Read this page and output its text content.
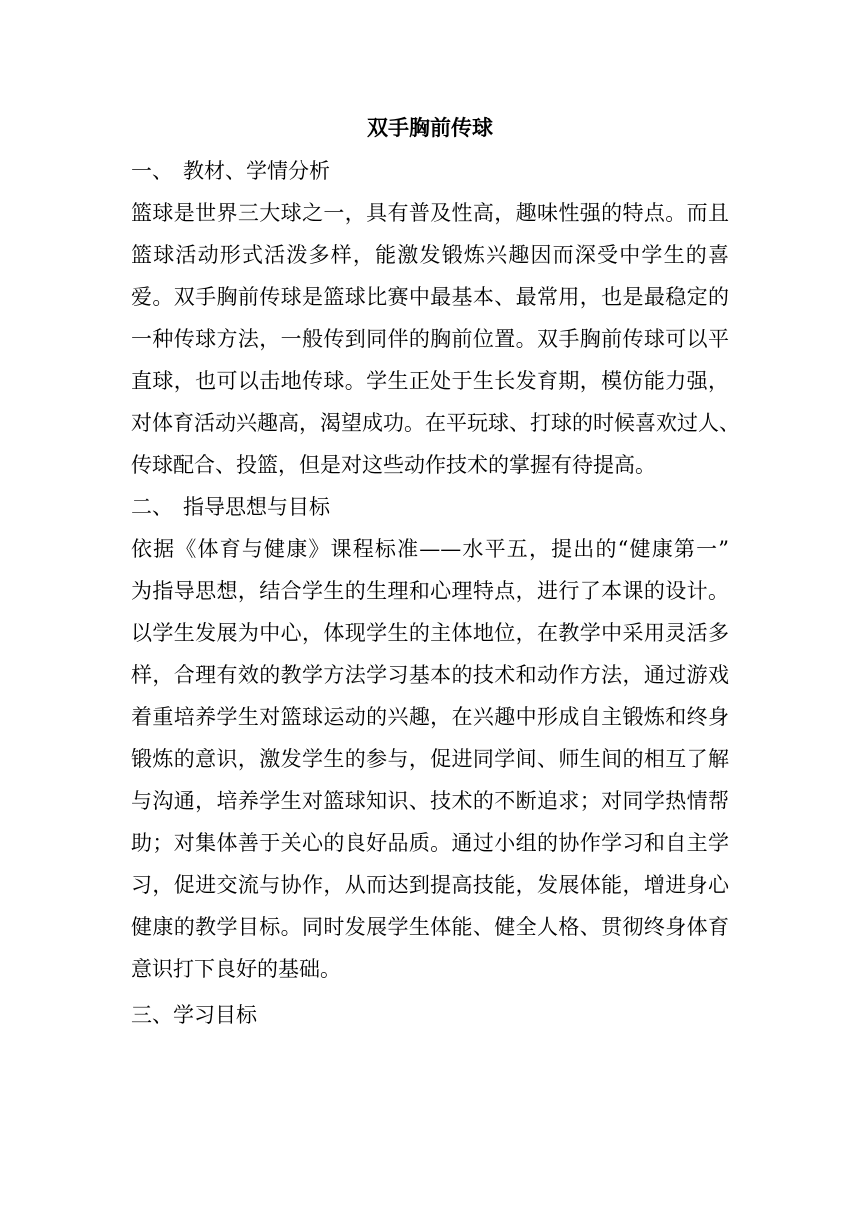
双手胸前传球
一、 教材、学情分析
篮球是世界三大球之一，具有普及性高，趣味性强的特点。而且
篮球活动形式活泼多样，能激发锻炼兴趣因而深受中学生的喜
爱。双手胸前传球是篮球比赛中最基本、最常用，也是最稳定的
一种传球方法，一般传到同伴的胸前位置。双手胸前传球可以平
直球，也可以击地传球。学生正处于生长发育期，模仿能力强，
对体育活动兴趣高，渴望成功。在平玩球、打球的时候喜欢过人、
传球配合、投篮，但是对这些动作技术的掌握有待提高。
二、 指导思想与目标
依据《体育与健康》课程标准——水平五，提出的“健康第一”
为指导思想，结合学生的生理和心理特点，进行了本课的设计。
以学生发展为中心，体现学生的主体地位，在教学中采用灵活多
样，合理有效的教学方法学习基本的技术和动作方法，通过游戏
着重培养学生对篮球运动的兴趣，在兴趣中形成自主锻炼和终身
锻炼的意识，激发学生的参与，促进同学间、师生间的相互了解
与沟通，培养学生对篮球知识、技术的不断追求；对同学热情帮
助；对集体善于关心的良好品质。通过小组的协作学习和自主学
习，促进交流与协作，从而达到提高技能，发展体能，增进身心
健康的教学目标。同时发展学生体能、健全人格、贯彻终身体育
意识打下良好的基础。
三、学习目标
